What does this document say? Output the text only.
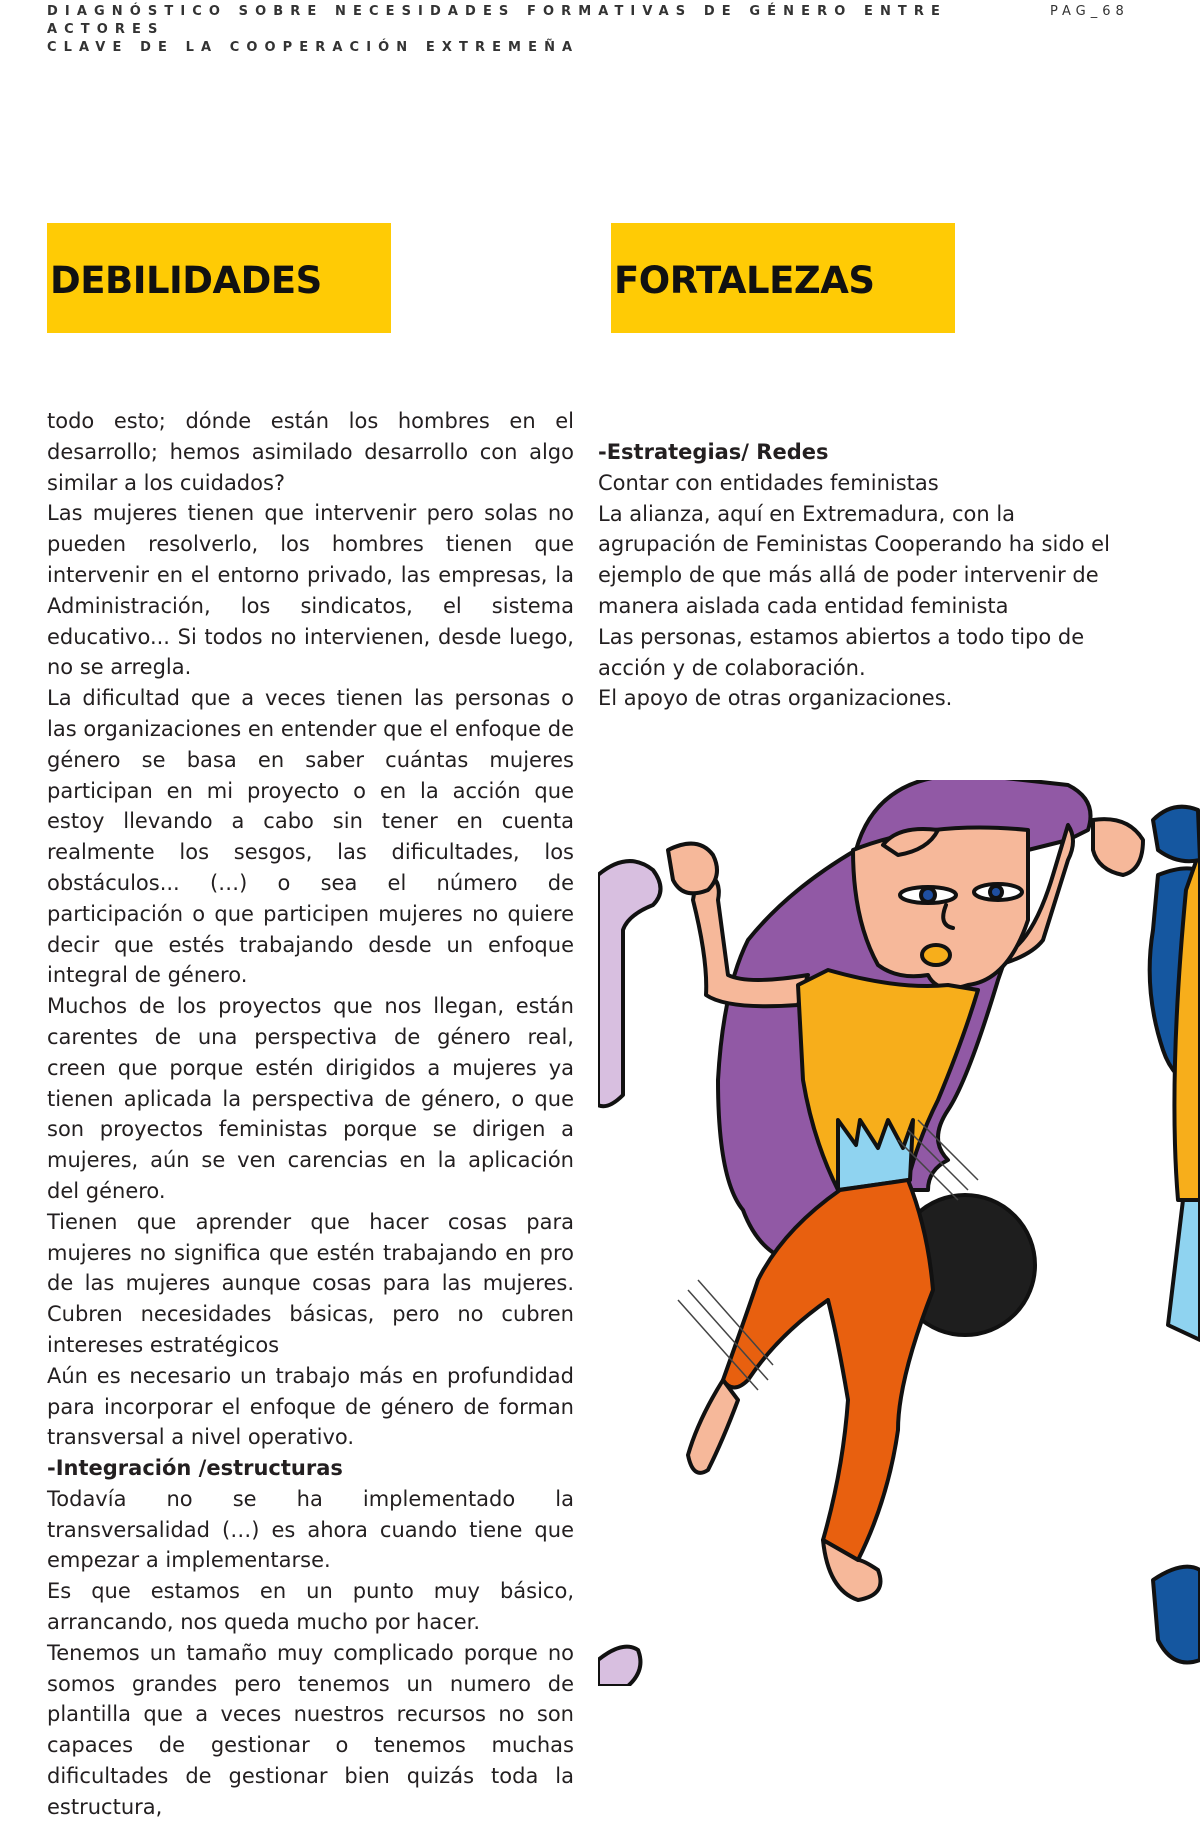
DIAGNÓSTICO SOBRE NECESIDADES FORMATIVAS DE GÉNERO ENTRE ACTORES
CLAVE DE LA COOPERACIÓN EXTREMEÑA
PAG_68
DEBILIDADES	FORTALEZAS

todo esto; dónde están los hombres en el desarrollo; hemos asimilado desarrollo con algo similar a los cuidados?

Las mujeres tienen que intervenir pero solas no pueden resolverlo, los hombres tienen que intervenir en el entorno privado, las empresas, la Administración, los sindicatos, el sistema educativo... Si todos no intervienen, desde luego, no se arregla.

La dificultad que a veces tienen las personas o las organizaciones en entender que el enfoque de género se basa en saber cuántas mujeres participan en mi proyecto o en la acción que estoy llevando a cabo sin tener en cuenta realmente los sesgos, las dificultades, los obstáculos... (…) o sea el número de participación o que participen mujeres no quiere decir que estés trabajando desde un enfoque integral de género.

Muchos de los proyectos que nos llegan, están carentes de una perspectiva de género real, creen que porque estén dirigidos a mujeres ya tienen aplicada la perspectiva de género, o que son proyectos feministas porque se dirigen a mujeres, aún se ven carencias en la aplicación del género.

Tienen que aprender que hacer cosas para mujeres no significa que estén trabajando en pro de las mujeres aunque cosas para las mujeres. Cubren necesidades básicas, pero no cubren intereses estratégicos

Aún es necesario un trabajo más en profundidad para incorporar el enfoque de género de forman transversal a nivel operativo.

-Integración /estructuras

Todavía no se ha implementado la transversalidad (…) es ahora cuando tiene que empezar a implementarse.

Es que estamos en un punto muy básico, arrancando, nos queda mucho por hacer.

Tenemos un tamaño muy complicado porque no somos grandes pero tenemos un numero de plantilla que a veces nuestros recursos no son capaces de gestionar o tenemos muchas dificultades de gestionar bien quizás toda la estructura,

-Estrategias/ Redes

Contar con entidades feministas

La alianza, aquí en Extremadura, con la agrupación de Feministas Cooperando ha sido el ejemplo de que más allá de poder intervenir de manera aislada cada entidad feminista

Las personas, estamos abiertos a todo tipo de acción y de colaboración.

El apoyo de otras organizaciones.
